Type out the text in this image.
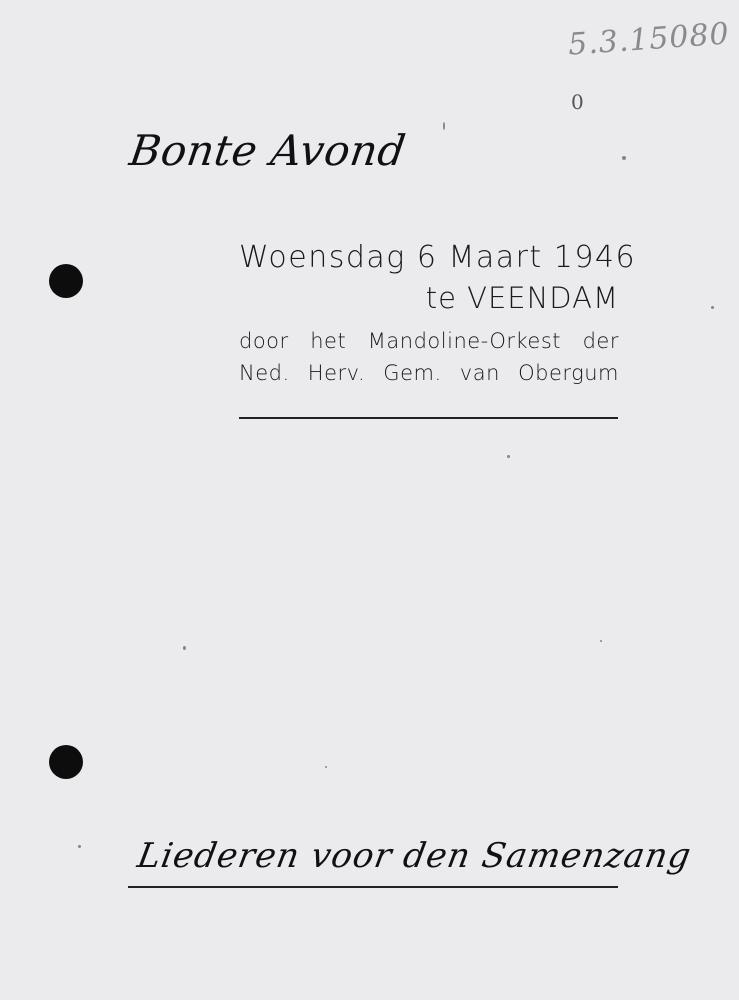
5.3.15080
0
Bonte Avond
Woensdag 6 Maart 1946
te VEENDAM
door het Mandoline-Orkest der
Ned. Herv. Gem. van Obergum
Liederen voor den Samenzang
